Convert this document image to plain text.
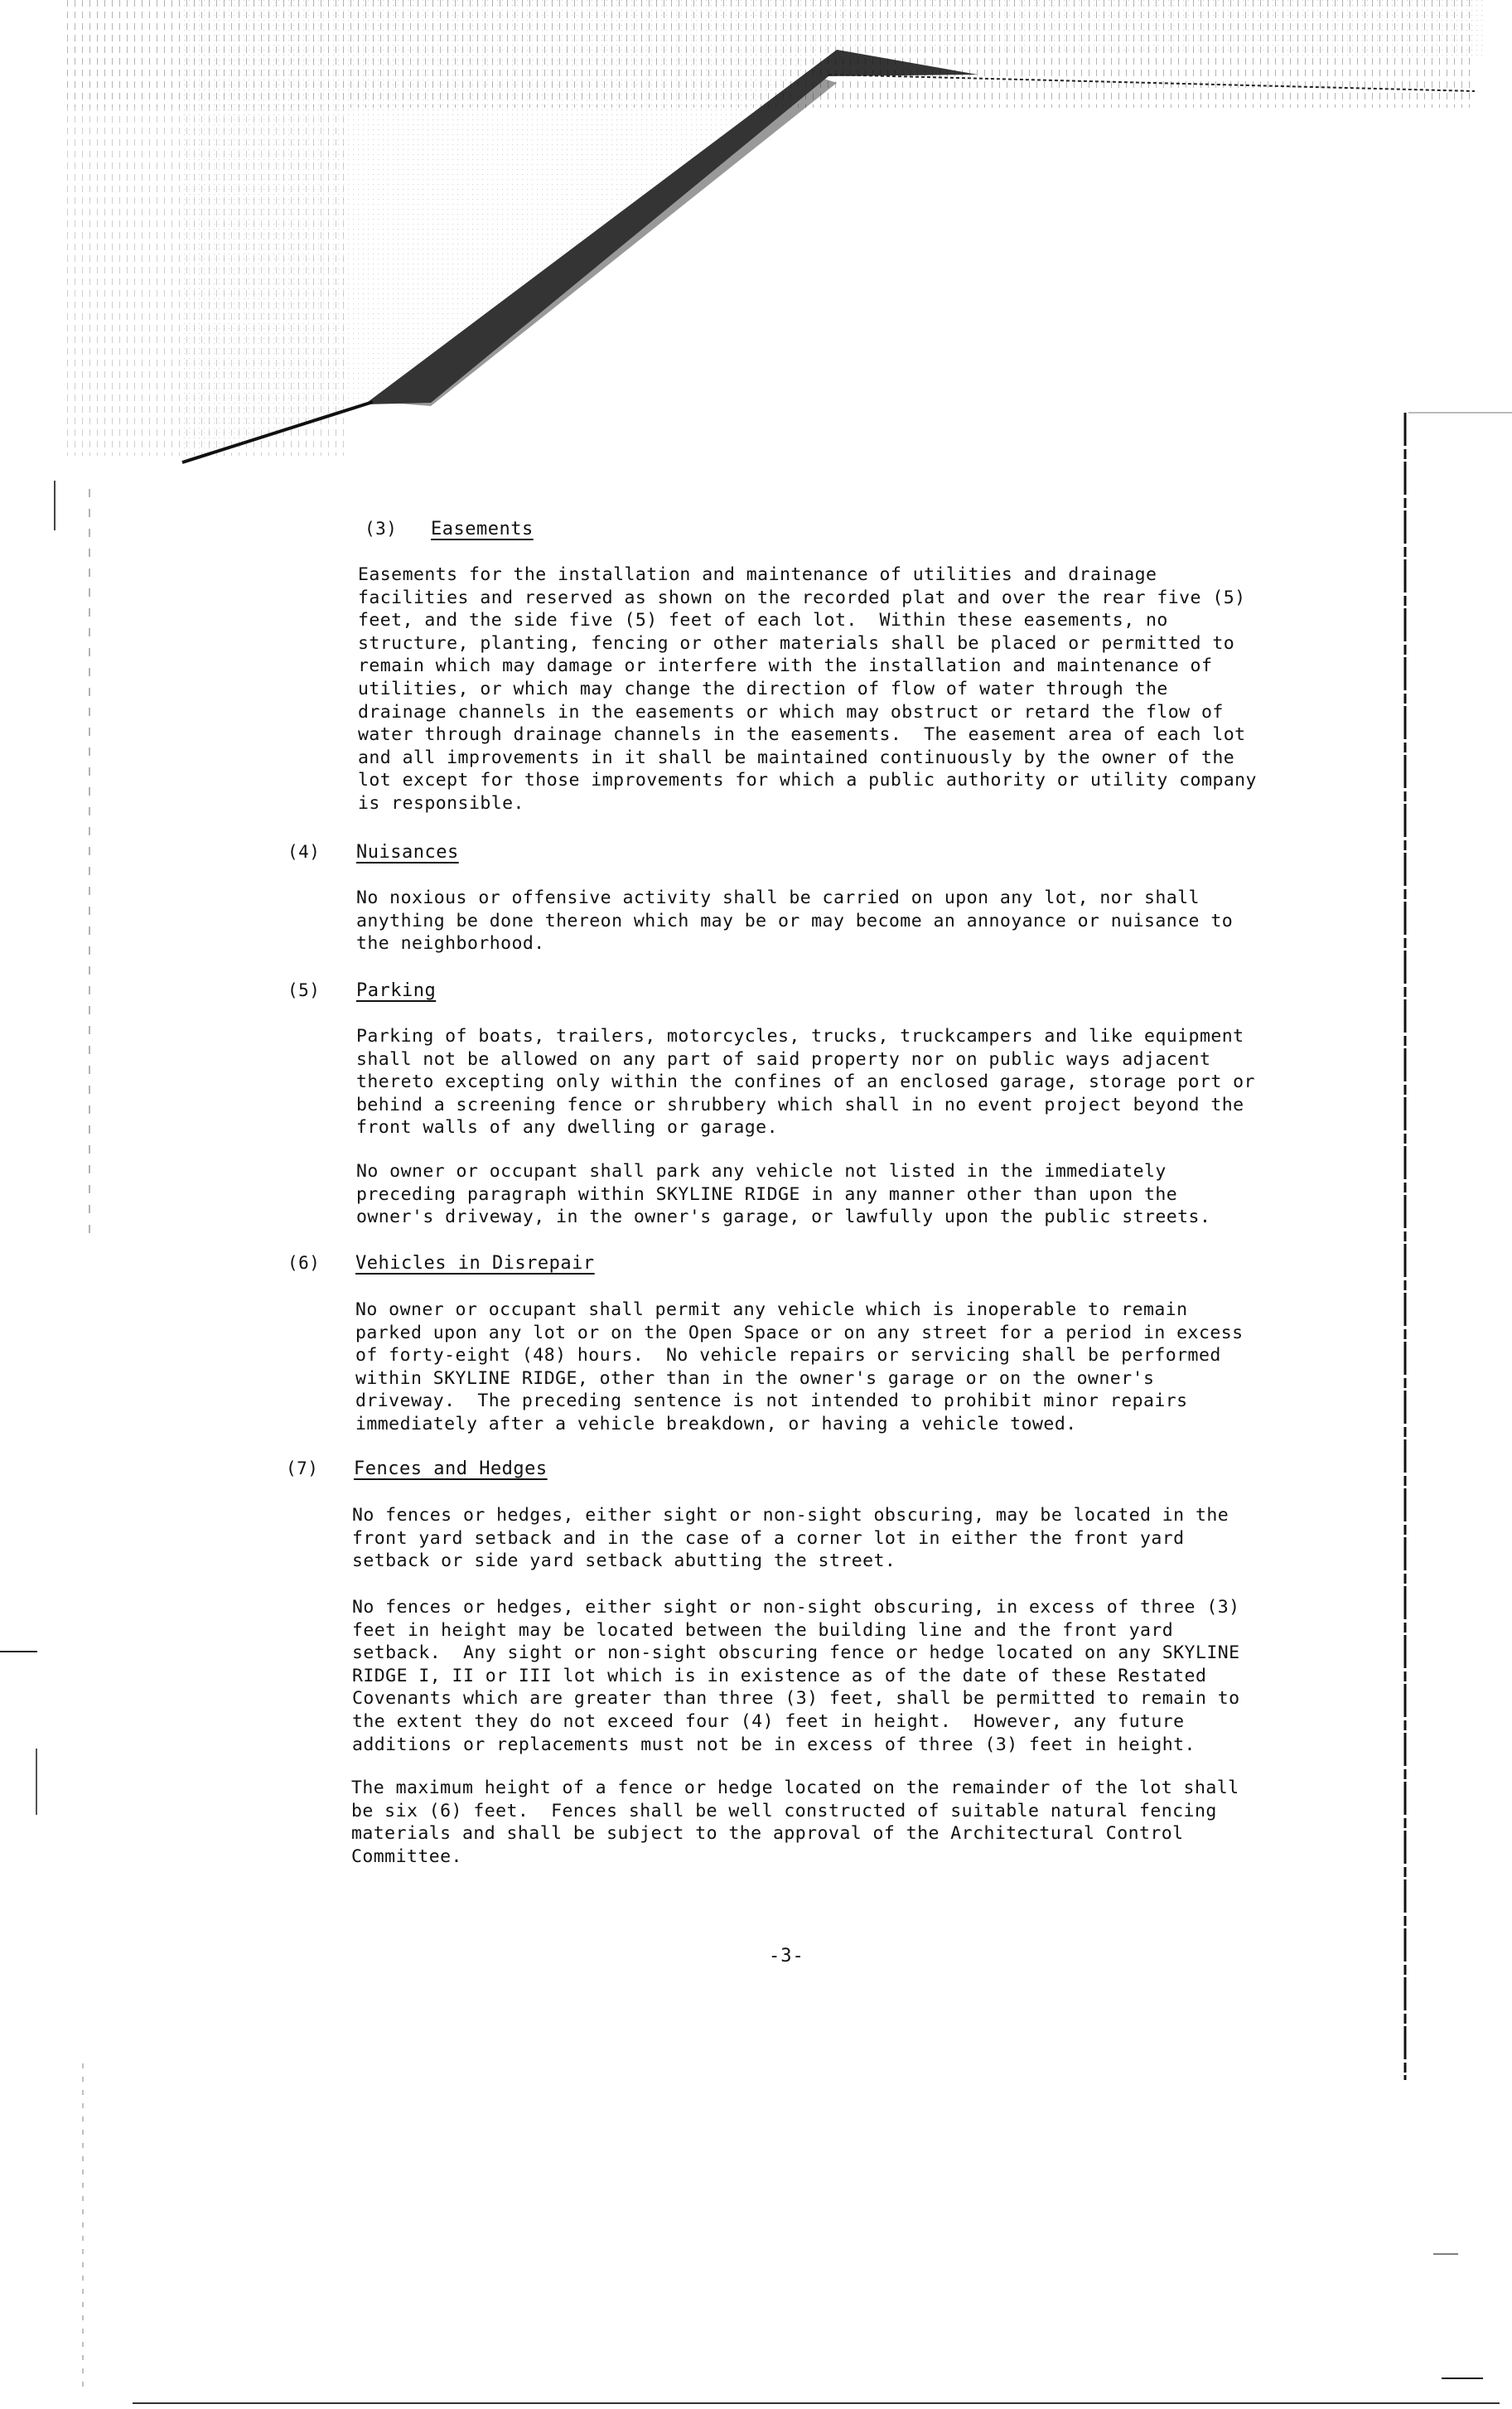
(3) Easements
Easements for the installation and maintenance of utilities and drainage
facilities and reserved as shown on the recorded plat and over the rear five (5)
feet, and the side five (5) feet of each lot.  Within these easements, no
structure, planting, fencing or other materials shall be placed or permitted to
remain which may damage or interfere with the installation and maintenance of
utilities, or which may change the direction of flow of water through the
drainage channels in the easements or which may obstruct or retard the flow of
water through drainage channels in the easements.  The easement area of each lot
and all improvements in it shall be maintained continuously by the owner of the
lot except for those improvements for which a public authority or utility company
is responsible.
(4) Nuisances
No noxious or offensive activity shall be carried on upon any lot, nor shall
anything be done thereon which may be or may become an annoyance or nuisance to
the neighborhood.
(5) Parking
Parking of boats, trailers, motorcycles, trucks, truckcampers and like equipment
shall not be allowed on any part of said property nor on public ways adjacent
thereto excepting only within the confines of an enclosed garage, storage port or
behind a screening fence or shrubbery which shall in no event project beyond the
front walls of any dwelling or garage.
No owner or occupant shall park any vehicle not listed in the immediately
preceding paragraph within SKYLINE RIDGE in any manner other than upon the
owner's driveway, in the owner's garage, or lawfully upon the public streets.
(6) Vehicles in Disrepair
No owner or occupant shall permit any vehicle which is inoperable to remain
parked upon any lot or on the Open Space or on any street for a period in excess
of forty-eight (48) hours.  No vehicle repairs or servicing shall be performed
within SKYLINE RIDGE, other than in the owner's garage or on the owner's
driveway.  The preceding sentence is not intended to prohibit minor repairs
immediately after a vehicle breakdown, or having a vehicle towed.
(7) Fences and Hedges
No fences or hedges, either sight or non-sight obscuring, may be located in the
front yard setback and in the case of a corner lot in either the front yard
setback or side yard setback abutting the street.
No fences or hedges, either sight or non-sight obscuring, in excess of three (3)
feet in height may be located between the building line and the front yard
setback.  Any sight or non-sight obscuring fence or hedge located on any SKYLINE
RIDGE I, II or III lot which is in existence as of the date of these Restated
Covenants which are greater than three (3) feet, shall be permitted to remain to
the extent they do not exceed four (4) feet in height.  However, any future
additions or replacements must not be in excess of three (3) feet in height.
The maximum height of a fence or hedge located on the remainder of the lot shall
be six (6) feet.  Fences shall be well constructed of suitable natural fencing
materials and shall be subject to the approval of the Architectural Control
Committee.
-3-
